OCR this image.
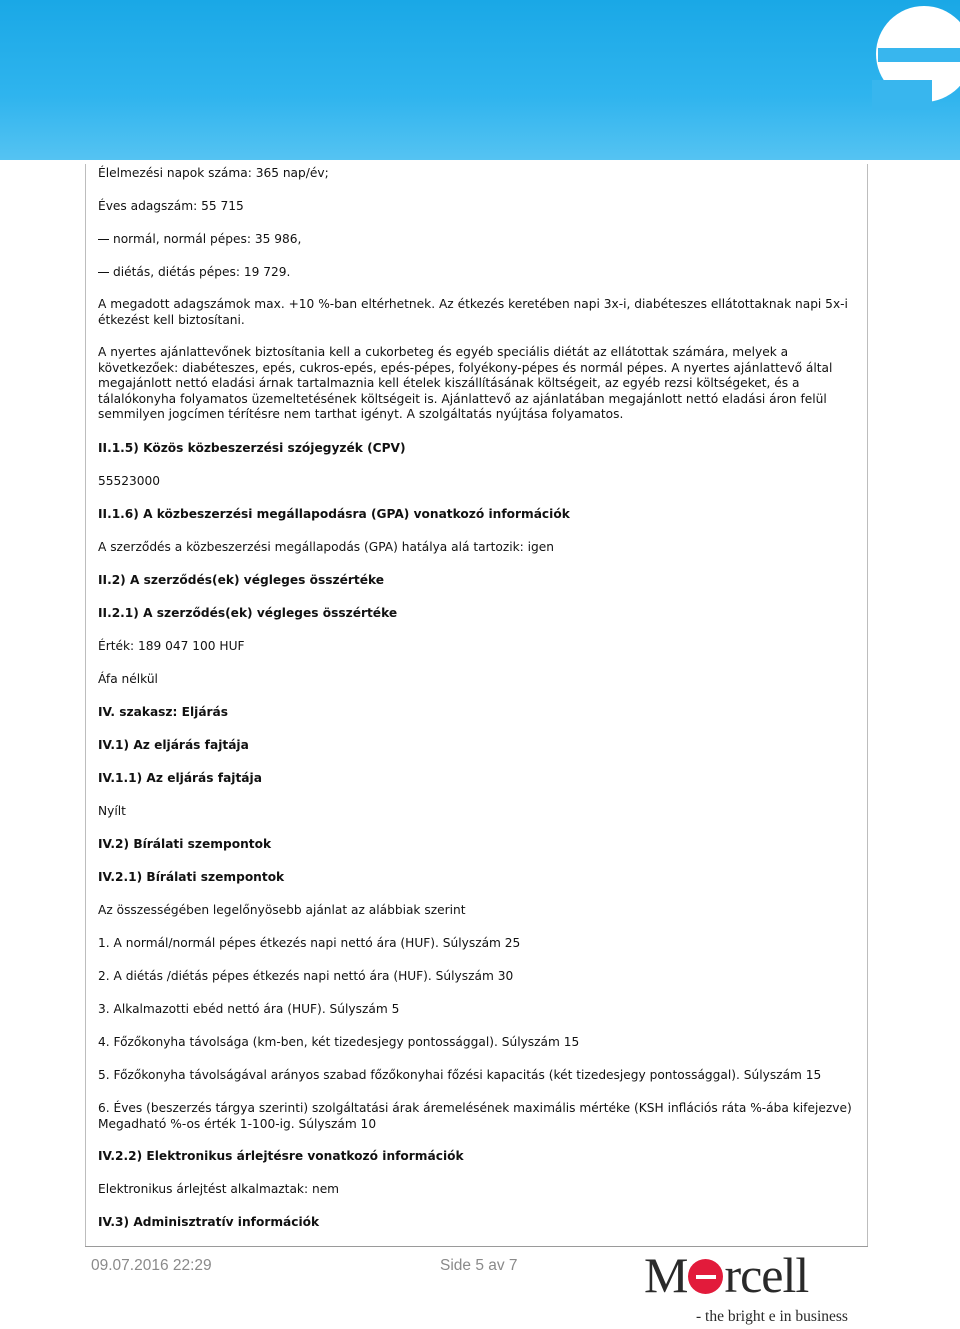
Élelmezési napok száma: 365 nap/év;

Éves adagszám: 55 715

normál, normál pépes: 35 986,

diétás, diétás pépes: 19 729.

A megadott adagszámok max. +10 %-ban eltérhetnek. Az étkezés keretében napi 3x-i, diabéteszes ellátottaknak napi 5x-i étkezést kell biztosítani.

A nyertes ajánlattevőnek biztosítania kell a cukorbeteg és egyéb speciális diétát az ellátottak számára, melyek a következőek: diabéteszes, epés, cukros-epés, epés-pépes, folyékony-pépes és normál pépes. A nyertes ajánlattevő által megajánlott nettó eladási árnak tartalmaznia kell ételek kiszállításának költségeit, az egyéb rezsi költségeket, és a tálalókonyha folyamatos üzemeltetésének költségeit is. Ajánlattevő az ajánlatában megajánlott nettó eladási áron felül semmilyen jogcímen térítésre nem tarthat igényt. A szolgáltatás nyújtása folyamatos.

II.1.5) Közös közbeszerzési szójegyzék (CPV)

55523000

II.1.6) A közbeszerzési megállapodásra (GPA) vonatkozó információk

A szerződés a közbeszerzési megállapodás (GPA) hatálya alá tartozik: igen

II.2) A szerződés(ek) végleges összértéke

II.2.1) A szerződés(ek) végleges összértéke

Érték: 189 047 100 HUF

Áfa nélkül

IV. szakasz: Eljárás

IV.1) Az eljárás fajtája

IV.1.1) Az eljárás fajtája

Nyílt

IV.2) Bírálati szempontok

IV.2.1) Bírálati szempontok

Az összességében legelőnyösebb ajánlat az alábbiak szerint

1. A normál/normál pépes étkezés napi nettó ára (HUF). Súlyszám 25

2. A diétás /diétás pépes étkezés napi nettó ára (HUF). Súlyszám 30

3. Alkalmazotti ebéd nettó ára (HUF). Súlyszám 5

4. Főzőkonyha távolsága (km-ben, két tizedesjegy pontossággal). Súlyszám 15

5. Főzőkonyha távolságával arányos szabad főzőkonyhai főzési kapacitás (két tizedesjegy pontossággal). Súlyszám 15

6. Éves (beszerzés tárgya szerinti) szolgáltatási árak áremelésének maximális mértéke (KSH inflációs ráta %-ába kifejezve) Megadható %-os érték 1-100-ig. Súlyszám 10

IV.2.2) Elektronikus árlejtésre vonatkozó információk

Elektronikus árlejtést alkalmaztak: nem

IV.3) Adminisztratív információk

09.07.2016 22:29	Side 5 av 7	M rcell
- the bright e in business
